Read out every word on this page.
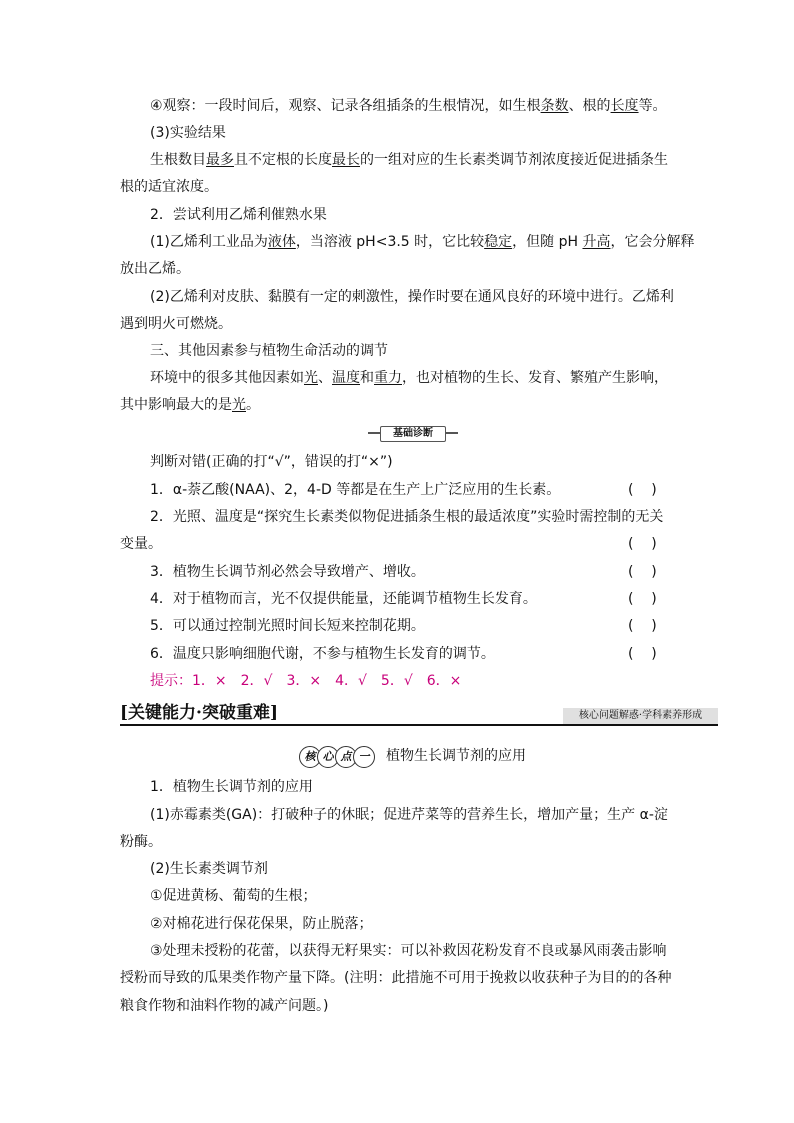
④观察：一段时间后，观察、记录各组插条的生根情况，如生根条数、根的长度等。
(3)实验结果
生根数目最多且不定根的长度最长的一组对应的生长素类调节剂浓度接近促进插条生
根的适宜浓度。
2．尝试利用乙烯利催熟水果
(1)乙烯利工业品为液体，当溶液 pH<3.5 时，它比较稳定，但随 pH 升高，它会分解释
放出乙烯。
(2)乙烯利对皮肤、黏膜有一定的刺激性，操作时要在通风良好的环境中进行。乙烯利
遇到明火可燃烧。
三、其他因素参与植物生命活动的调节
环境中的很多其他因素如光、温度和重力，也对植物的生长、发育、繁殖产生影响，
其中影响最大的是光。
基础诊断
判断对错(正确的打“√”，错误的打“×”)
1．α-萘乙酸(NAA)、2，4-D 等都是在生产上广泛应用的生长素。	(    )
2．光照、温度是“探究生长素类似物促进插条生根的最适浓度”实验时需控制的无关
变量。	(    )
3．植物生长调节剂必然会导致增产、增收。	(    )
4．对于植物而言，光不仅提供能量，还能调节植物生长发育。	(    )
5．可以通过控制光照时间长短来控制花期。	(    )
6．温度只影响细胞代谢，不参与植物生长发育的调节。	(    )
提示：1．×　2．√　3．×　4．√　5．√　6．×
[关键能力·突破重难]	核心问题解惑·学科素养形成
核 心 点 一 植物生长调节剂的应用
1．植物生长调节剂的应用
(1)赤霉素类(GA)：打破种子的休眠；促进芹菜等的营养生长，增加产量；生产 α-淀
粉酶。
(2)生长素类调节剂
①促进黄杨、葡萄的生根；
②对棉花进行保花保果，防止脱落；
③处理未授粉的花蕾，以获得无籽果实：可以补救因花粉发育不良或暴风雨袭击影响
授粉而导致的瓜果类作物产量下降。(注明：此措施不可用于挽救以收获种子为目的的各种
粮食作物和油料作物的减产问题。)
